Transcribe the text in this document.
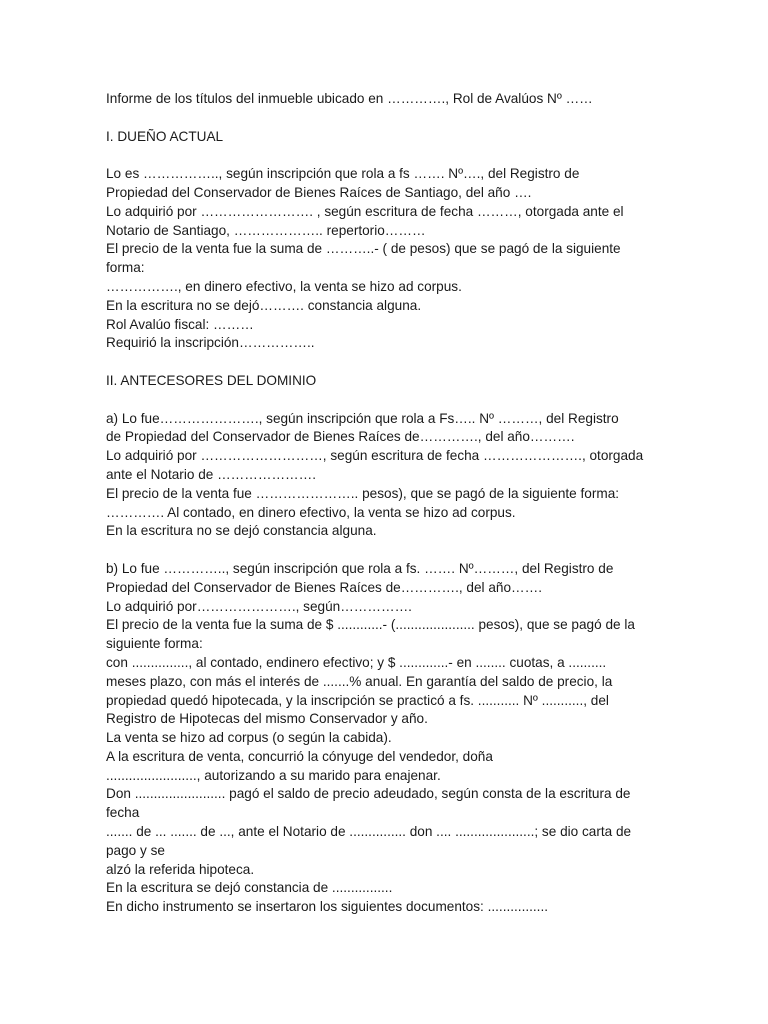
Informe de los títulos del inmueble ubicado en …………., Rol de Avalúos Nº ……
I. DUEÑO ACTUAL
Lo es …………….., según inscripción que rola a fs ……. Nº…., del Registro de
Propiedad del Conservador de Bienes Raíces de Santiago, del año ….
Lo adquirió por ……………………. , según escritura de fecha ………, otorgada ante el
Notario de Santiago, ……………….. repertorio………
El precio de la venta fue la suma de ………..- ( de pesos) que se pagó de la siguiente
forma:
……………., en dinero efectivo, la venta se hizo ad corpus.
En la escritura no se dejó………. constancia alguna.
Rol Avalúo fiscal: ………
Requirió la inscripción……………..
II. ANTECESORES DEL DOMINIO
a) Lo fue…………………., según inscripción que rola a Fs….. Nº ………, del Registro
de Propiedad del Conservador de Bienes Raíces de…………., del año……….
Lo adquirió por ………………………, según escritura de fecha …………………., otorgada
ante el Notario de ………………….
El precio de la venta fue ………………….. pesos), que se pagó de la siguiente forma:
…………. Al contado, en dinero efectivo, la venta se hizo ad corpus.
En la escritura no se dejó constancia alguna.
b) Lo fue ………….., según inscripción que rola a fs. ……. Nº………, del Registro de
Propiedad del Conservador de Bienes Raíces de…………., del año…….
Lo adquirió por…………………., según…………….
El precio de la venta fue la suma de $ ............- (..................... pesos), que se pagó de la
siguiente forma:
con ..............., al contado, endinero efectivo; y $ .............- en ........ cuotas, a ..........
meses plazo, con más el interés de .......% anual. En garantía del saldo de precio, la
propiedad quedó hipotecada, y la inscripción se practicó a fs. ........... Nº ..........., del
Registro de Hipotecas del mismo Conservador y año.
La venta se hizo ad corpus (o según la cabida).
A la escritura de venta, concurrió la cónyuge del vendedor, doña
........................, autorizando a su marido para enajenar.
Don ........................ pagó el saldo de precio adeudado, según consta de la escritura de
fecha
....... de ... ....... de ..., ante el Notario de ............... don .... .....................; se dio carta de
pago y se
alzó la referida hipoteca.
En la escritura se dejó constancia de ................
En dicho instrumento se insertaron los siguientes documentos: ................
